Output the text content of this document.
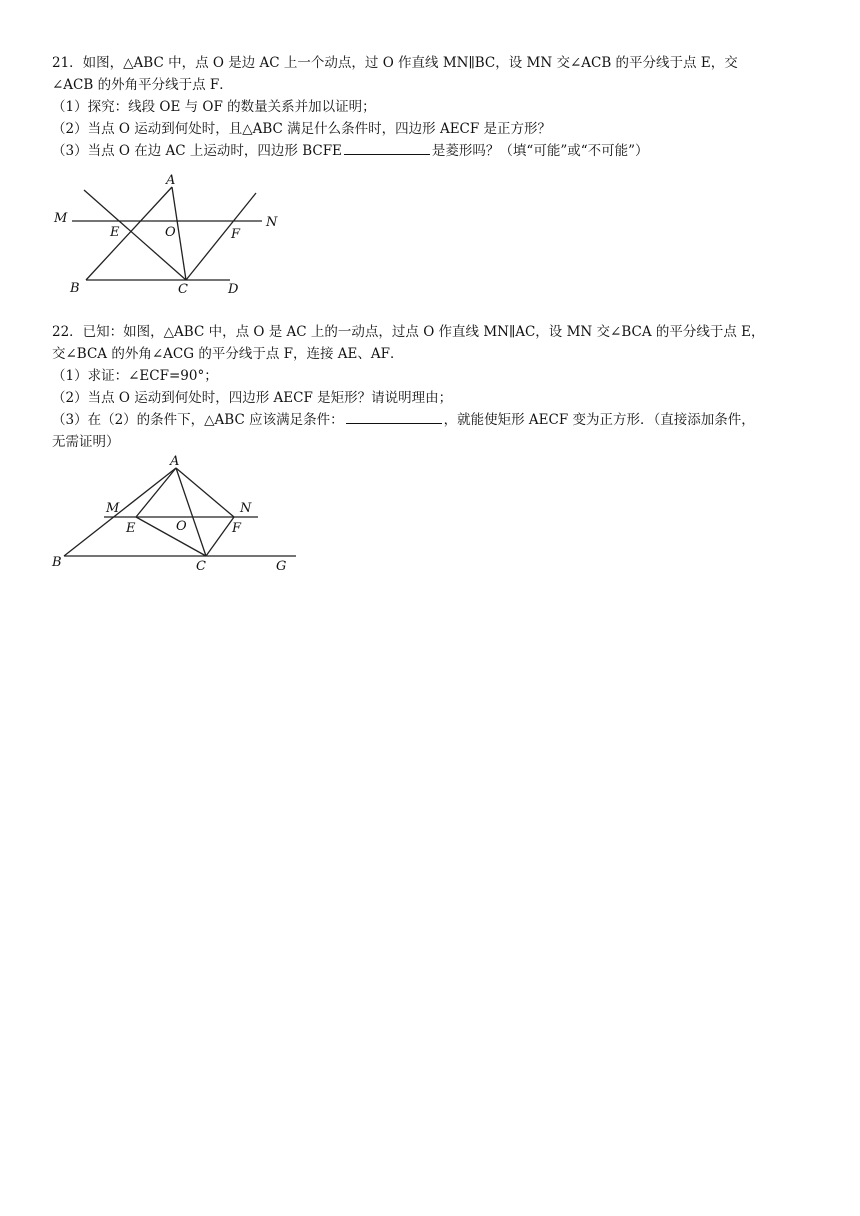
21．如图，△ABC 中，点 O 是边 AC 上一个动点，过 O 作直线 MN∥BC，设 MN 交∠ACB 的平分线于点 E，交
∠ACB 的外角平分线于点 F．
（1）探究：线段 OE 与 OF 的数量关系并加以证明；
（2）当点 O 运动到何处时，且△ABC 满足什么条件时，四边形 AECF 是正方形？
（3）当点 O 在边 AC 上运动时，四边形 BCFE	是菱形吗？（填“可能”或“不可能”）
A
M	N
E	O	F
B	C	D
22．已知：如图，△ABC 中，点 O 是 AC 上的一动点，过点 O 作直线 MN∥AC，设 MN 交∠BCA 的平分线于点 E，
交∠BCA 的外角∠ACG 的平分线于点 F，连接 AE、AF．
（1）求证：∠ECF=90°；
（2）当点 O 运动到何处时，四边形 AECF 是矩形？请说明理由；
（3）在（2）的条件下，△ABC 应该满足条件：	，就能使矩形 AECF 变为正方形．（直接添加条件，
无需证明）
A
M	N
E	O	F
B	C	G
